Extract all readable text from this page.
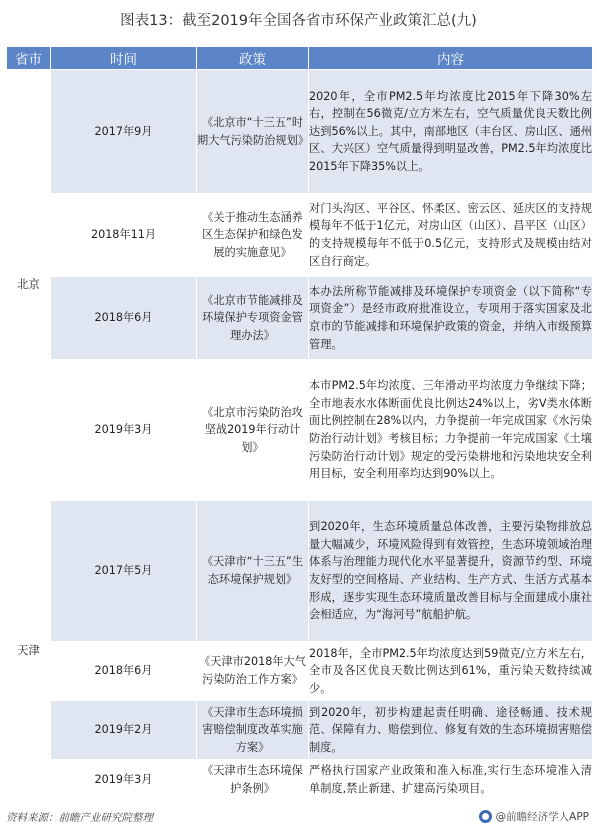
图表13：截至2019年全国各省市环保产业政策汇总(九)
省市	时间	政策	内容
北京	2017年9月	《北京市“十三五”时期大气污染防治规划》	2020年，全市PM2.5年均浓度比2015年下降30%左右，控制在56微克/立方米左右，空气质量优良天数比例达到56%以上。其中，南部地区（丰台区、房山区、通州区、大兴区）空气质量得到明显改善，PM2.5年均浓度比2015年下降35%以上。
	2018年11月	《关于推动生态涵养区生态保护和绿色发展的实施意见》	对门头沟区、平谷区、怀柔区、密云区、延庆区的支持规模每年不低于1亿元，对房山区（山区）、昌平区（山区）的支持规模每年不低于0.5亿元，支持形式及规模由结对区自行商定。
	2018年6月	《北京市节能减排及环境保护专项资金管理办法》	本办法所称节能减排及环境保护专项资金（以下简称“专项资金”）是经市政府批准设立，专项用于落实国家及北京市的节能减排和环境保护政策的资金，并纳入市级预算管理。
	2019年3月	《北京市污染防治攻坚战2019年行动计划》	本市PM2.5年均浓度、三年滑动平均浓度力争继续下降；全市地表水水体断面优良比例达24%以上，劣Ⅴ类水体断面比例控制在28%以内，力争提前一年完成国家《水污染防治行动计划》考核目标；力争提前一年完成国家《土壤污染防治行动计划》规定的受污染耕地和污染地块安全利用目标，安全利用率均达到90%以上。
天津	2017年5月	《天津市“十三五”生态环境保护规划》	到2020年，生态环境质量总体改善，主要污染物排放总量大幅减少，环境风险得到有效管控，生态环境领域治理体系与治理能力现代化水平显著提升，资源节约型、环境友好型的空间格局、产业结构、生产方式、生活方式基本形成，逐步实现生态环境质量改善目标与全面建成小康社会相适应，为“海河号”航船护航。
	2018年6月	《天津市2018年大气污染防治工作方案》	2018年，全市PM2.5年均浓度达到59微克/立方米左右，全市及各区优良天数比例达到61%，重污染天数持续减少。
	2019年2月	《天津市生态环境损害赔偿制度改革实施方案》	到2020年，初步构建起责任明确、途径畅通、技术规范、保障有力、赔偿到位、修复有效的生态环境损害赔偿制度。
	2019年3月	《天津市生态环境保护条例》	严格执行国家产业政策和准入标准,实行生态环境准入清单制度,禁止新建、扩建高污染项目。
资料来源：前瞻产业研究院整理	@前瞻经济学人APP
